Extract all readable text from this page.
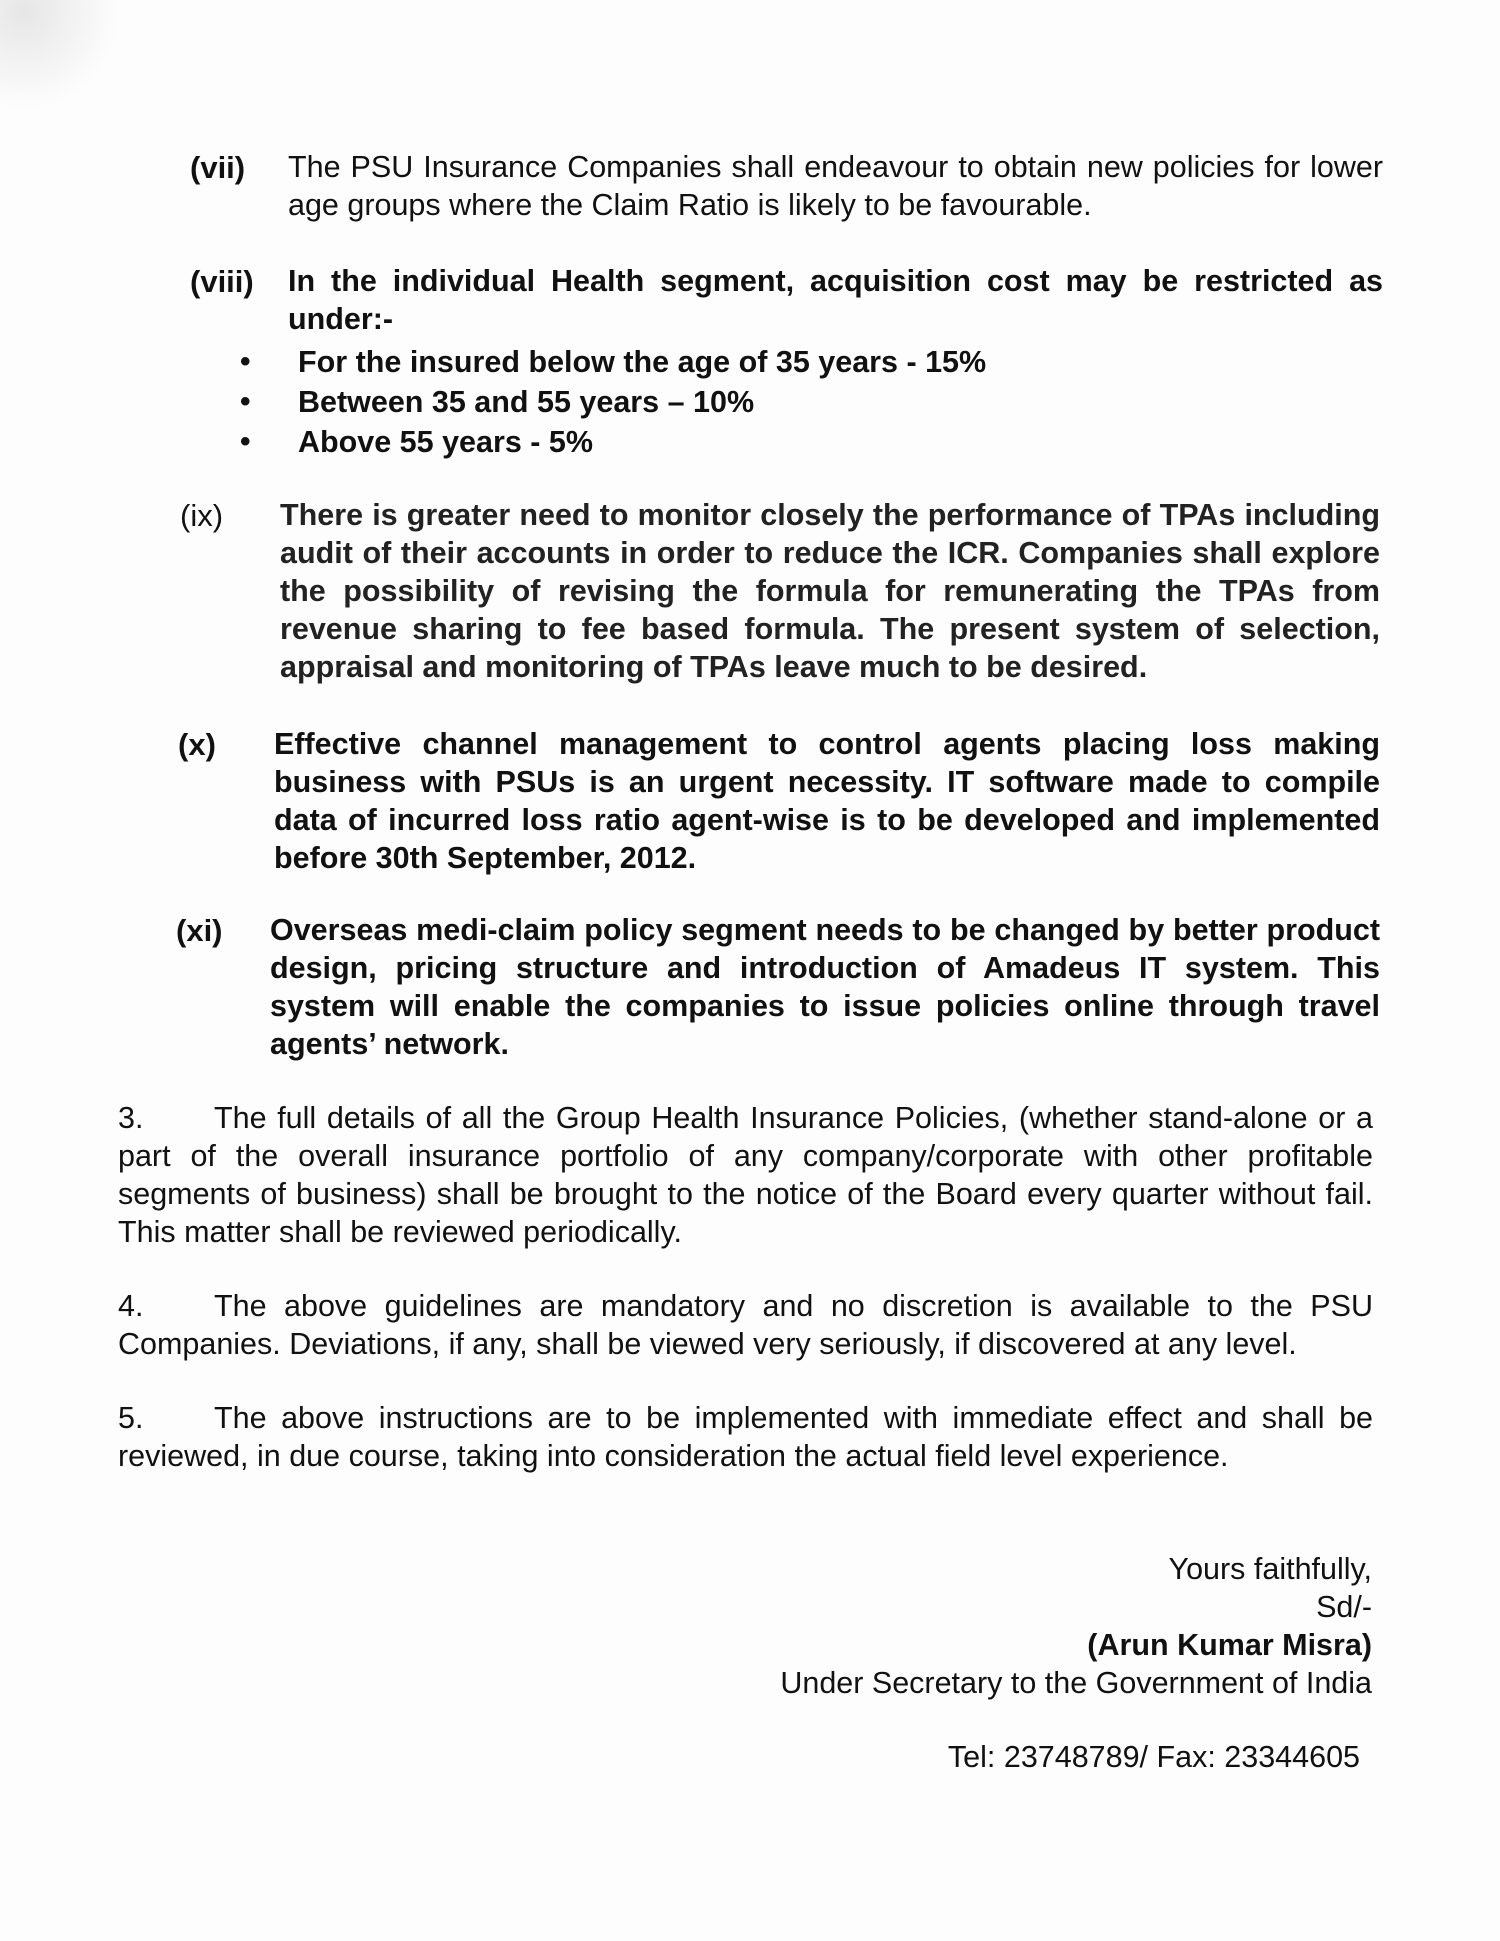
(vii) The PSU Insurance Companies shall endeavour to obtain new policies for lower age groups where the Claim Ratio is likely to be favourable.
(viii) In the individual Health segment, acquisition cost may be restricted as under:-
• For the insured below the age of 35 years - 15%
• Between 35 and 55 years – 10%
• Above 55 years - 5%
(ix) There is greater need to monitor closely the performance of TPAs including audit of their accounts in order to reduce the ICR. Companies shall explore the possibility of revising the formula for remunerating the TPAs from revenue sharing to fee based formula. The present system of selection, appraisal and monitoring of TPAs leave much to be desired.
(x) Effective channel management to control agents placing loss making business with PSUs is an urgent necessity. IT software made to compile data of incurred loss ratio agent-wise is to be developed and implemented before 30th September, 2012.
(xi) Overseas medi-claim policy segment needs to be changed by better product design, pricing structure and introduction of Amadeus IT system. This system will enable the companies to issue policies online through travel agents’ network.
3. The full details of all the Group Health Insurance Policies, (whether stand-alone or a part of the overall insurance portfolio of any company/corporate with other profitable segments of business) shall be brought to the notice of the Board every quarter without fail. This matter shall be reviewed periodically.
4. The above guidelines are mandatory and no discretion is available to the PSU Companies. Deviations, if any, shall be viewed very seriously, if discovered at any level.
5. The above instructions are to be implemented with immediate effect and shall be reviewed, in due course, taking into consideration the actual field level experience.
Yours faithfully,
Sd/-
(Arun Kumar Misra)
Under Secretary to the Government of India
Tel: 23748789/ Fax: 23344605
